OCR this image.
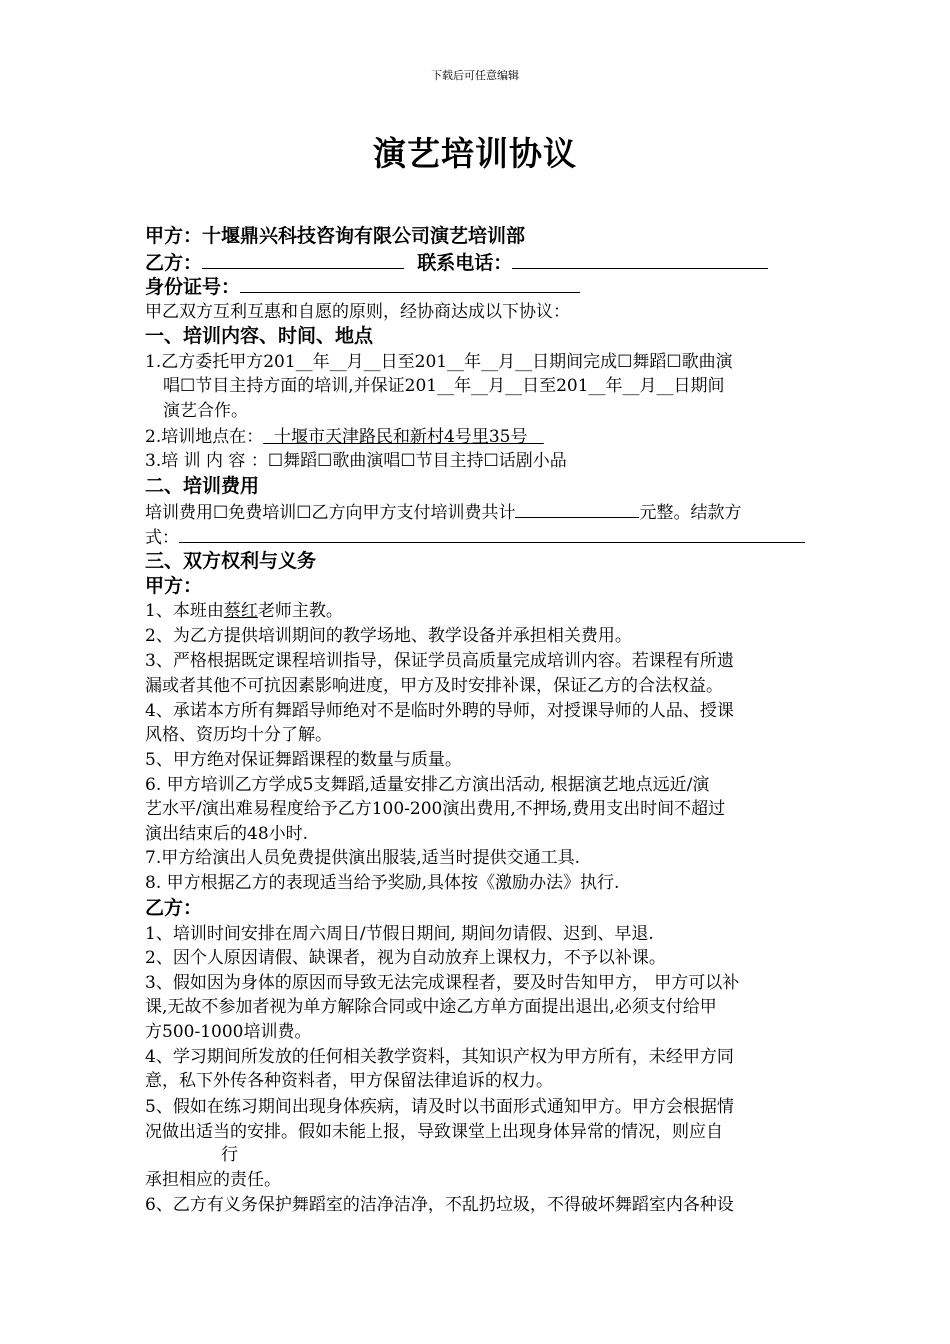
下载后可任意编辑
演艺培训协议
甲方：十堰鼎兴科技咨询有限公司演艺培训部
乙方：	联系电话：
身份证号：
甲乙双方互利互惠和自愿的原则，经协商达成以下协议：
一、培训内容、时间、地点
1.乙方委托甲方201__年__月__日至201__年__月__日期间完成☐舞蹈☐歌曲演
唱☐节目主持方面的培训,并保证201__年__月__日至201__年__月__日期间
演艺合作。
2.培训地点在：  十堰市天津路民和新村4号里35号
3.培 训 内 容 ：☐舞蹈☐歌曲演唱☐节目主持☐话剧小品
二、培训费用
培训费用☐免费培训☐乙方向甲方支付培训费共计	元整。结款方
式：
三、双方权利与义务
甲方：
1、本班由蔡红老师主教。
2、为乙方提供培训期间的教学场地、教学设备并承担相关费用。
3、严格根据既定课程培训指导，保证学员高质量完成培训内容。若课程有所遗
漏或者其他不可抗因素影响进度，甲方及时安排补课，保证乙方的合法权益。
4、承诺本方所有舞蹈导师绝对不是临时外聘的导师，对授课导师的人品、授课
风格、资历均十分了解。
5、甲方绝对保证舞蹈课程的数量与质量。
6. 甲方培训乙方学成5支舞蹈,适量安排乙方演出活动, 根据演艺地点远近/演
艺水平/演出难易程度给予乙方100-200演出费用,不押场,费用支出时间不超过
演出结束后的48小时.
7.甲方给演出人员免费提供演出服装,适当时提供交通工具.
8. 甲方根据乙方的表现适当给予奖励,具体按《激励办法》执行.
乙方：
1、培训时间安排在周六周日/节假日期间, 期间勿请假、迟到、早退.
2、因个人原因请假、缺课者，视为自动放弃上课权力，不予以补课。
3、假如因为身体的原因而导致无法完成课程者，要及时告知甲方， 甲方可以补
课,无故不参加者视为单方解除合同或中途乙方单方面提出退出,必须支付给甲
方500-1000培训费。
4、学习期间所发放的任何相关教学资料，其知识产权为甲方所有，未经甲方同
意，私下外传各种资料者，甲方保留法律追诉的权力。
5、假如在练习期间出现身体疾病，请及时以书面形式通知甲方。甲方会根据情
况做出适当的安排。假如未能上报，导致课堂上出现身体异常的情况，则应自
行
承担相应的责任。
6、乙方有义务保护舞蹈室的洁净洁净，不乱扔垃圾，不得破坏舞蹈室内各种设
